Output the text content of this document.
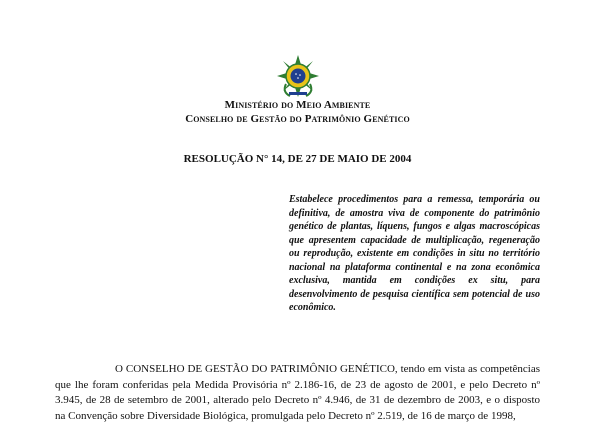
Ministério do Meio Ambiente
Conselho de Gestão do Patrimônio Genético
RESOLUÇÃO N° 14, DE 27 DE MAIO DE 2004
Estabelece procedimentos para a remessa, temporária ou definitiva, de amostra viva de componente do patrimônio genético de plantas, líquens, fungos e algas macroscópicas que apresentem capacidade de multiplicação, regeneração ou reprodução, existente em condições in situ no território nacional na plataforma continental e na zona econômica exclusiva, mantida em condições ex situ, para desenvolvimento de pesquisa científica sem potencial de uso econômico.
O CONSELHO DE GESTÃO DO PATRIMÔNIO GENÉTICO, tendo em vista as competências que lhe foram conferidas pela Medida Provisória nº 2.186-16, de 23 de agosto de 2001, e pelo Decreto nº 3.945, de 28 de setembro de 2001, alterado pelo Decreto nº 4.946, de 31 de dezembro de 2003, e o disposto na Convenção sobre Diversidade Biológica, promulgada pelo Decreto nº 2.519, de 16 de março de 1998,
